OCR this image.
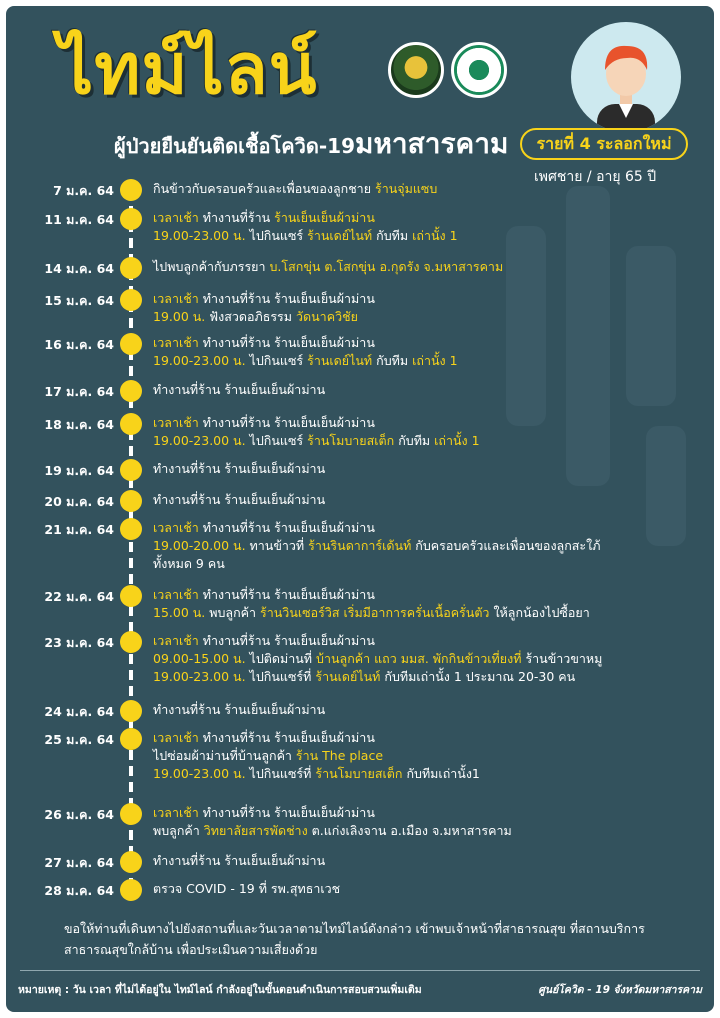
ไทม์ไลน์
ผู้ป่วยยืนยันติดเชื้อโควิด-19มหาสารคาม	รายที่ 4 ระลอกใหม่
เพศชาย / อายุ 65 ปี
7 ม.ค. 64	กินข้าวกับครอบครัวและเพื่อนของลูกชาย ร้านจุ่มแซบ
11 ม.ค. 64	เวลาเช้า ทำงานที่ร้าน ร้านเย็นเย็นผ้าม่าน
19.00-23.00 น. ไปกินแซร์ ร้านเดย์ไนท์ กับทีม เถ่านั้ง 1
14 ม.ค. 64	ไปพบลูกค้ากับภรรยา บ.โสกขุ่น ต.โสกขุ่น อ.กุดรัง จ.มหาสารคาม
15 ม.ค. 64	เวลาเช้า ทำงานที่ร้าน ร้านเย็นเย็นผ้าม่าน
19.00 น. ฟังสวดอภิธรรม วัดนาควิชัย
16 ม.ค. 64	เวลาเช้า ทำงานที่ร้าน ร้านเย็นเย็นผ้าม่าน
19.00-23.00 น. ไปกินแซร์ ร้านเดย์ไนท์ กับทีม เถ่านั้ง 1
17 ม.ค. 64	ทำงานที่ร้าน ร้านเย็นเย็นผ้าม่าน
18 ม.ค. 64	เวลาเช้า ทำงานที่ร้าน ร้านเย็นเย็นผ้าม่าน
19.00-23.00 น. ไปกินแซร์ ร้านโมบายสเต็ก กับทีม เถ่านั้ง 1
19 ม.ค. 64	ทำงานที่ร้าน ร้านเย็นเย็นผ้าม่าน
20 ม.ค. 64	ทำงานที่ร้าน ร้านเย็นเย็นผ้าม่าน
21 ม.ค. 64	เวลาเช้า ทำงานที่ร้าน ร้านเย็นเย็นผ้าม่าน
19.00-20.00 น. ทานข้าวที่ ร้านรินดาการ์เด้นท์ กับครอบครัวและเพื่อนของลูกสะใภ้
ทั้งหมด 9 คน
22 ม.ค. 64	เวลาเช้า ทำงานที่ร้าน ร้านเย็นเย็นผ้าม่าน
15.00 น. พบลูกค้า ร้านวินเซอร์วิส เริ่มมีอาการครั่นเนื้อครั่นตัว ให้ลูกน้องไปซื้อยา
23 ม.ค. 64	เวลาเช้า ทำงานที่ร้าน ร้านเย็นเย็นผ้าม่าน
09.00-15.00 น. ไปติดม่านที่ บ้านลูกค้า แถว มมส. พักกินข้าวเที่ยงที่ ร้านข้าวขาหมู
19.00-23.00 น. ไปกินแซร์ที่ ร้านเดย์ไนท์ กับทีมเถ่านั้ง 1 ประมาณ 20-30 คน
24 ม.ค. 64	ทำงานที่ร้าน ร้านเย็นเย็นผ้าม่าน
25 ม.ค. 64	เวลาเช้า ทำงานที่ร้าน ร้านเย็นเย็นผ้าม่าน
ไปซ่อมผ้าม่านที่บ้านลูกค้า ร้าน The place
19.00-23.00 น. ไปกินแซร์ที่ ร้านโมบายสเต็ก กับทีมเถ่านั้ง1
26 ม.ค. 64	เวลาเช้า ทำงานที่ร้าน ร้านเย็นเย็นผ้าม่าน
พบลูกค้า วิทยาลัยสารพัดช่าง ต.แก่งเลิงจาน อ.เมือง จ.มหาสารคาม
27 ม.ค. 64	ทำงานที่ร้าน ร้านเย็นเย็นผ้าม่าน
28 ม.ค. 64	ตรวจ COVID - 19 ที่ รพ.สุทธาเวช
ขอให้ท่านที่เดินทางไปยังสถานที่และวันเวลาตามไทม์ไลน์ดังกล่าว เข้าพบเจ้าหน้าที่สาธารณสุข ที่สถานบริการ
สาธารณสุขใกล้บ้าน เพื่อประเมินความเสี่ยงด้วย
หมายเหตุ : วัน เวลา ที่ไม่ได้อยู่ใน ไทม์ไลน์ กำลังอยู่ในขั้นตอนดำเนินการสอบสวนเพิ่มเติม	ศูนย์โควิด - 19 จังหวัดมหาสารคาม
